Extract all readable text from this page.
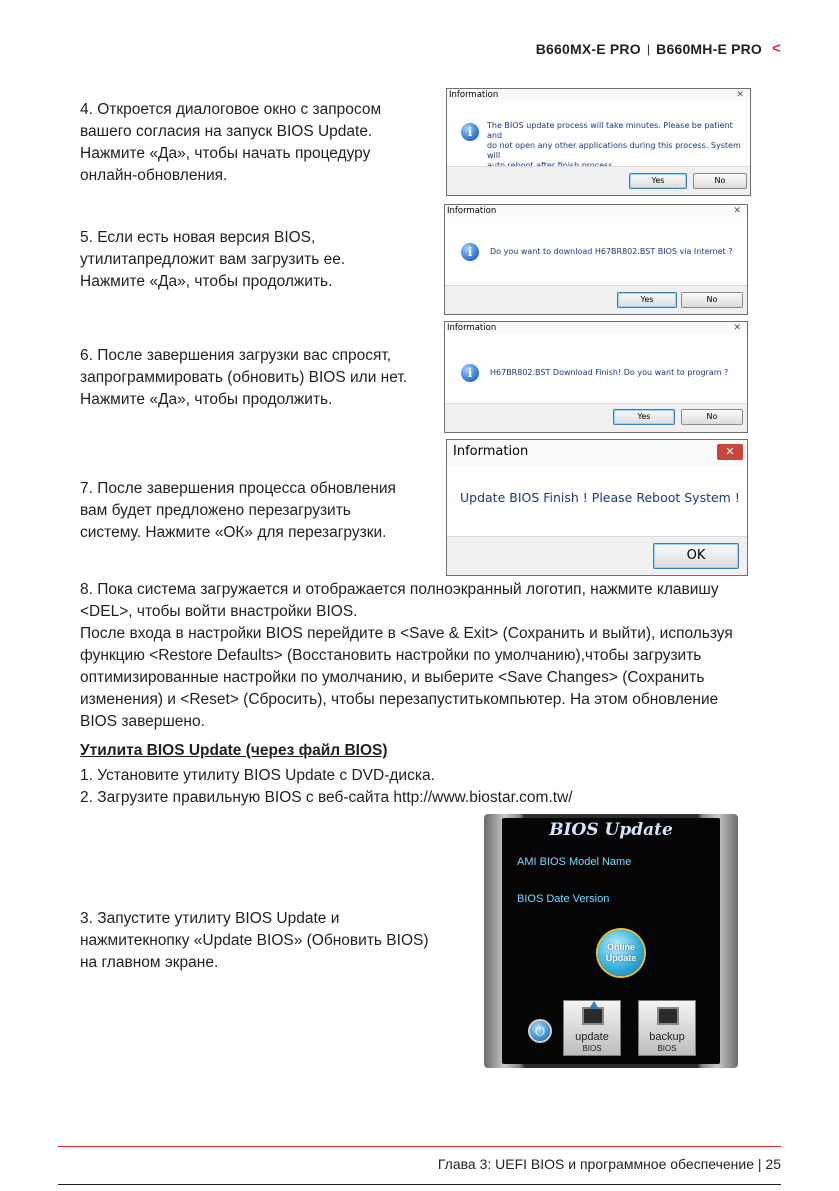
B660MX-E PRO | B660MH-E PRO <
4. Откроется диалоговое окно с запросом
вашего согласия на запуск BIOS Update.
Нажмите «Да», чтобы начать процедуру
онлайн-обновления.
Information	✕
i	The BIOS update process will take minutes. Please be patient and
do not open any other applications during this process. System will
Yes	No
5. Если есть новая версия BIOS,
утилитапредложит вам загрузить ее.
Нажмите «Да», чтобы продолжить.
Information	✕
i	Do you want to download H67BR802.BST BIOS via Internet ?
Yes	No
6. После завершения загрузки вас спросят,
запрограммировать (обновить) BIOS или нет.
Нажмите «Да», чтобы продолжить.
Information	✕
i	H67BR802.BST Download Finish! Do you want to program ?
Yes	No
7. После завершения процесса обновления
вам будет предложено перезагрузить
систему. Нажмите «ОК» для перезагрузки.
Information	✕
Update BIOS Finish ! Please Reboot System !
OK
8. Пока система загружается и отображается полноэкранный логотип, нажмите клавишу
<DEL>, чтобы войти внастройки BIOS.
После входа в настройки BIOS перейдите в <Save & Exit> (Сохранить и выйти), используя
функцию <Restore Defaults> (Восстановить настройки по умолчанию),чтобы загрузить
оптимизированные настройки по умолчанию, и выберите <Save Changes> (Сохранить
изменения) и <Reset> (Сбросить), чтобы перезапуститькомпьютер. На этом обновление
BIOS завершено.
Утилита BIOS Update (через файл BIOS)
1. Установите утилиту BIOS Update с DVD-диска.
2. Загрузите правильную BIOS с веб-сайта http://www.biostar.com.tw/
3. Запустите утилиту BIOS Update и
нажмитекнопку «Update BIOS» (Обновить BIOS)
на главном экране.
BIOS Update
AMI BIOS Model Name
BIOS Date Version
Online
Update
⏻	update
BIOS
backup
BIOS
Глава 3: UEFI BIOS и программное обеспечение | 25
